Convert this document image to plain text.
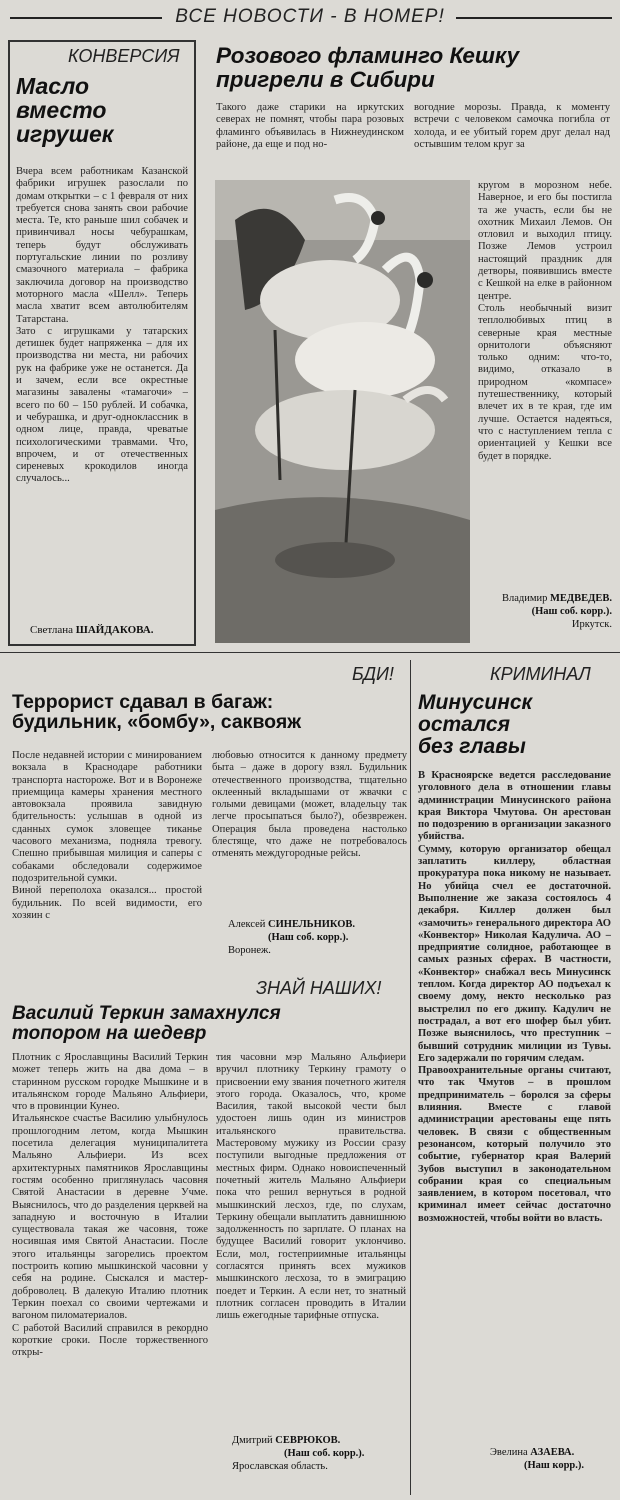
ВСЕ НОВОСТИ - В НОМЕР!
КОНВЕРСИЯ
Масло
вместо
игрушек
Вчера всем работникам Казанской фабрики игрушек разослали по домам открытки – с 1 февраля от них требуется снова занять свои рабочие места. Те, кто раньше шил собачек и привинчивал носы чебурашкам, теперь будут обслуживать португальские линии по розливу смазочного материала – фабрика заключила договор на производство моторного масла «Шелл». Теперь масла хватит всем автолюбителям Татарстана.
Зато с игрушками у татарских детишек будет напряженка – для их производства ни места, ни рабочих рук на фабрике уже не останется. Да и зачем, если все окрестные магазины завалены «тамагочи» – всего по 60 – 150 рублей. И собачка, и чебурашка, и друг-одноклассник в одном лице, правда, чреватые психологическими травмами. Что, впрочем, и от отечественных сиреневых крокодилов иногда случалось...
Светлана ШАЙДАКОВА.
Розового фламинго Кешку
пригрели в Сибири
Такого даже старики на иркутских северах не помнят, чтобы пара розовых фламинго объявилась в Нижнеудинском районе, да еще и под но-
вогодние морозы. Правда, к моменту встречи с человеком самочка погибла от холода, и ее убитый горем друг делал над остывшим телом круг за
кругом в морозном небе. Наверное, и его бы постигла та же участь, если бы не охотник Михаил Лемов. Он отловил и выходил птицу. Позже Лемов устроил настоящий праздник для детворы, появившись вместе с Кешкой на елке в районном центре.
Столь необычный визит теплолюбивых птиц в северные края местные орнитологи объясняют только одним: что-то, видимо, отказало в природном «компасе» путешественнику, который влечет их в те края, где им лучше. Остается надеяться, что с наступлением тепла с ориентацией у Кешки все будет в порядке.
Владимир МЕДВЕДЕВ.
(Наш соб. корр.).
Иркутск.
БДИ!
Террорист сдавал в багаж:
будильник, «бомбу», саквояж
После недавней истории с минированием вокзала в Краснодаре работники транспорта настороже. Вот и в Воронеже приемщица камеры хранения местного автовокзала проявила завидную бдительность: услышав в одной из сданных сумок зловещее тиканье часового механизма, подняла тревогу. Спешно прибывшая милиция и саперы с собаками обследовали содержимое подозрительной сумки.
Виной переполоха оказался... простой будильник. По всей видимости, его хозяин с
любовью относится к данному предмету быта – даже в дорогу взял. Будильник отечественного производства, тщательно оклеенный вкладышами от жвачки с голыми девицами (может, владельцу так легче просыпаться было?), обезврежен. Операция была проведена настолько блестяще, что даже не потребовалось отменять междугородные рейсы.
Алексей СИНЕЛЬНИКОВ.
(Наш соб. корр.).
Воронеж.
КРИМИНАЛ
Минусинск
остался
без главы
В Красноярске ведется расследование уголовного дела в отношении главы администрации Минусинского района края Виктора Чмутова. Он арестован по подозрению в организации заказного убийства.
Сумму, которую организатор обещал заплатить киллеру, областная прокуратура пока никому не называет. Но убийца счел ее достаточной. Выполнение же заказа состоялось 4 декабря. Киллер должен был «замочить» генерального директора АО «Конвектор» Николая Кадулича. АО – предприятие солидное, работающее в самых разных сферах. В частности, «Конвектор» снабжал весь Минусинск теплом. Когда директор АО подъехал к своему дому, некто несколько раз выстрелил по его джипу. Кадулич не пострадал, а вот его шофер был убит. Позже выяснилось, что преступник – бывший сотрудник милиции из Тувы. Его задержали по горячим следам.
Правоохранительные органы считают, что так Чмутов – в прошлом предприниматель – боролся за сферы влияния. Вместе с главой администрации арестованы еще пять человек. В связи с общественным резонансом, который получило это событие, губернатор края Валерий Зубов выступил в законодательном собрании края со специальным заявлением, в котором посетовал, что криминал имеет сейчас достаточно возможностей, чтобы войти во власть.
Эвелина АЗАЕВА.
(Наш корр.).
ЗНАЙ НАШИХ!
Василий Теркин замахнулся
топором на шедевр
Плотник с Ярославщины Василий Теркин может теперь жить на два дома – в старинном русском городке Мышкине и в итальянском городе Мальяно Альфиери, что в провинции Кунео.
Итальянское счастье Василию улыбнулось прошлогодним летом, когда Мышкин посетила делегация муниципалитета Мальяно Альфиери. Из всех архитектурных памятников Ярославщины гостям особенно приглянулась часовня Святой Анастасии в деревне Учме. Выяснилось, что до разделения церквей на западную и восточную в Италии существовала такая же часовня, тоже носившая имя Святой Анастасии. После этого итальянцы загорелись проектом построить копию мышкинской часовни у себя на родине. Сыскался и мастер-доброволец. В далекую Италию плотник Теркин поехал со своими чертежами и вагоном пиломатериалов.
С работой Василий справился в рекордно короткие сроки. После торжественного откры-
тия часовни мэр Мальяно Альфиери вручил плотнику Теркину грамоту о присвоении ему звания почетного жителя этого города. Оказалось, что, кроме Василия, такой высокой чести был удостоен лишь один из министров итальянского правительства. Мастеровому мужику из России сразу поступили выгодные предложения от местных фирм. Однако новоиспеченный почетный житель Мальяно Альфиери пока что решил вернуться в родной мышкинский лесхоз, где, по слухам, Теркину обещали выплатить давнишнюю задолженность по зарплате. О планах на будущее Василий говорит уклончиво. Если, мол, гостеприимные итальянцы согласятся принять всех мужиков мышкинского лесхоза, то в эмиграцию поедет и Теркин. А если нет, то знатный плотник согласен проводить в Италии лишь ежегодные тарифные отпуска.
Дмитрий СЕВРЮКОВ.
(Наш соб. корр.).
Ярославская область.
